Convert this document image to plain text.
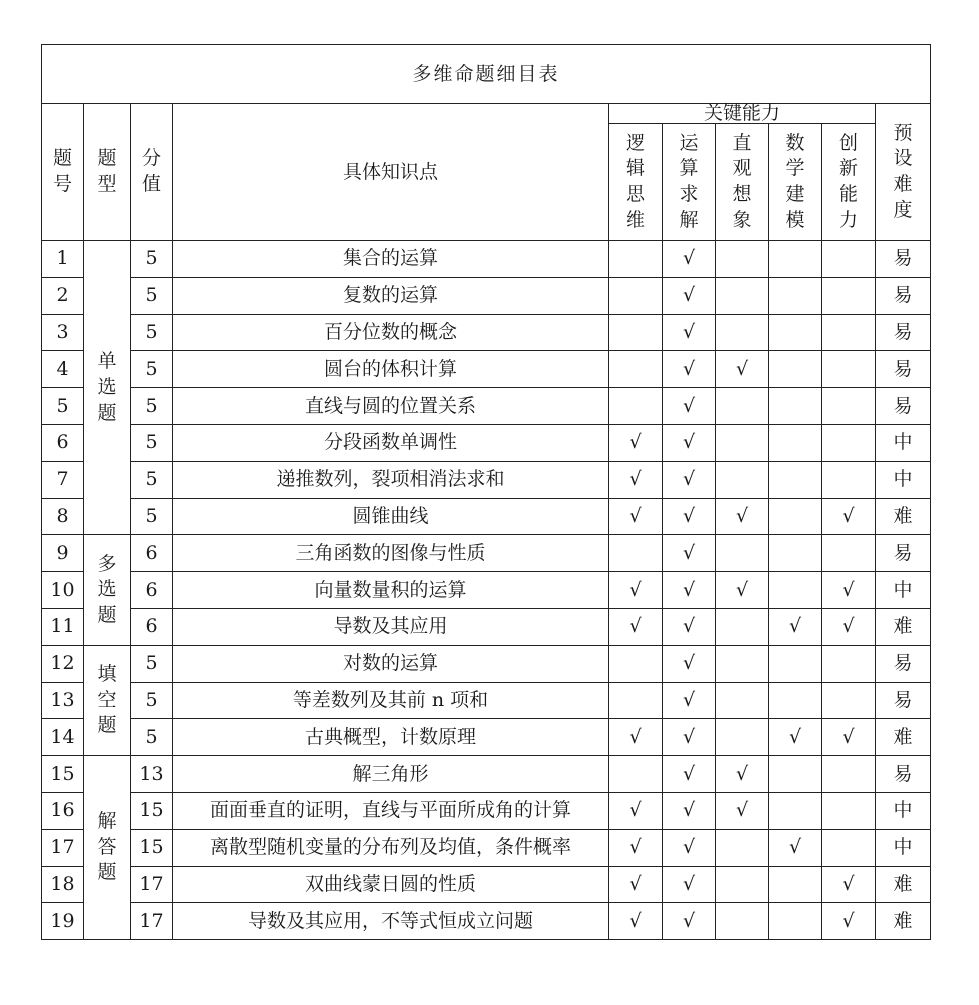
多维命题细目表									
题号	题型	分值	具体知识点	关键能力					预设难度
				逻辑思维	运算求解	直观想象	数学建模	创新能力	
1	单选题	5	集合的运算		√				易
2		5	复数的运算		√				易
3		5	百分位数的概念		√				易
4		5	圆台的体积计算		√	√			易
5		5	直线与圆的位置关系		√				易
6		5	分段函数单调性	√	√				中
7		5	递推数列，裂项相消法求和	√	√				中
8		5	圆锥曲线	√	√	√		√	难
9	多选题	6	三角函数的图像与性质		√				易
10		6	向量数量积的运算	√	√	√		√	中
11		6	导数及其应用	√	√		√	√	难
12	填空题	5	对数的运算		√				易
13		5	等差数列及其前 n 项和		√				易
14		5	古典概型，计数原理	√	√		√	√	难
15	解答题	13	解三角形		√	√			易
16		15	面面垂直的证明，直线与平面所成角的计算	√	√	√			中
17		15	离散型随机变量的分布列及均值，条件概率	√	√		√		中
18		17	双曲线蒙日圆的性质	√	√			√	难
19		17	导数及其应用，不等式恒成立问题	√	√			√	难
